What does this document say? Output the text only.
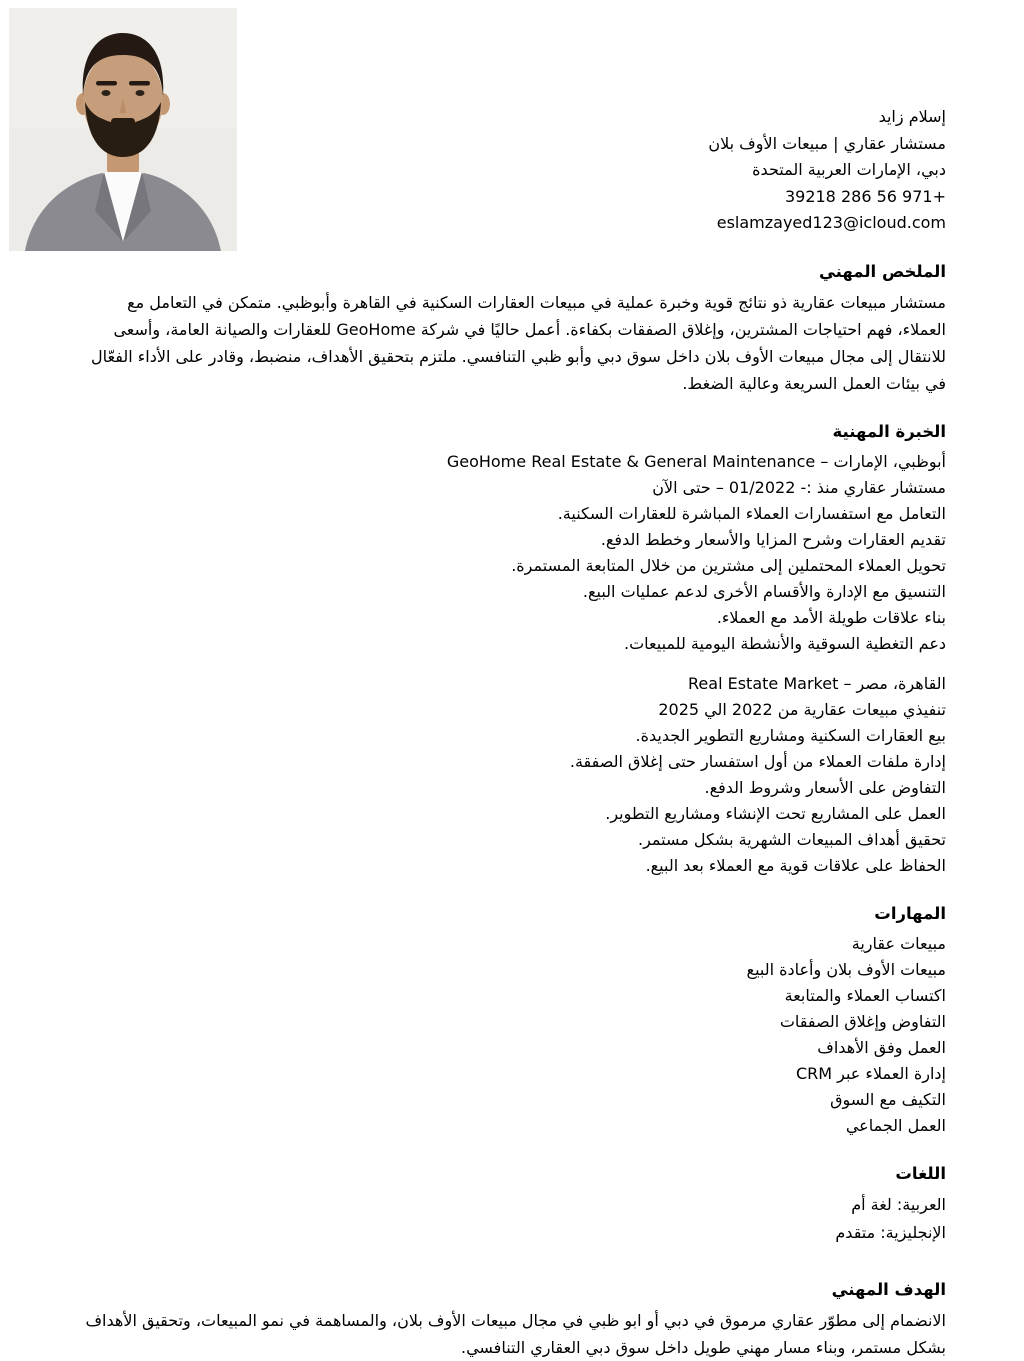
إسلام زايد
مستشار عقاري | مبيعات الأوف بلان
دبي، الإمارات العربية المتحدة
+971 56 286 39218
eslamzayed123@icloud.com
الملخص المهني

مستشار مبيعات عقارية ذو نتائج قوية وخبرة عملية في مبيعات العقارات السكنية في القاهرة وأبوظبي. متمكن في التعامل مع العملاء، فهم احتياجات المشترين، وإغلاق الصفقات بكفاءة. أعمل حاليًا في شركة GeoHome للعقارات والصيانة العامة، وأسعى للانتقال إلى مجال مبيعات الأوف بلان داخل سوق دبي وأبو ظبي التنافسي. ملتزم بتحقيق الأهداف، منضبط، وقادر على الأداء الفعّال في بيئات العمل السريعة وعالية الضغط.

الخبرة المهنية
أبوظبي، الإمارات – GeoHome Real Estate & General Maintenance
مستشار عقاري منذ :- 01/2022 – حتى الآن
التعامل مع استفسارات العملاء المباشرة للعقارات السكنية.
تقديم العقارات وشرح المزايا والأسعار وخطط الدفع.
تحويل العملاء المحتملين إلى مشترين من خلال المتابعة المستمرة.
التنسيق مع الإدارة والأقسام الأخرى لدعم عمليات البيع.
بناء علاقات طويلة الأمد مع العملاء.
دعم التغطية السوقية والأنشطة اليومية للمبيعات.
القاهرة، مصر – Real Estate Market
تنفيذي مبيعات عقارية من 2022 الي 2025
بيع العقارات السكنية ومشاريع التطوير الجديدة.
إدارة ملفات العملاء من أول استفسار حتى إغلاق الصفقة.
التفاوض على الأسعار وشروط الدفع.
العمل على المشاريع تحت الإنشاء ومشاريع التطوير.
تحقيق أهداف المبيعات الشهرية بشكل مستمر.
الحفاظ على علاقات قوية مع العملاء بعد البيع.
المهارات
مبيعات عقارية
مبيعات الأوف بلان وأعادة البيع
اكتساب العملاء والمتابعة
التفاوض وإغلاق الصفقات
العمل وفق الأهداف
إدارة العملاء عبر CRM
التكيف مع السوق
العمل الجماعي
اللغات
العربية: لغة أم
الإنجليزية: متقدم
الهدف المهني

الانضمام إلى مطوّر عقاري مرموق في دبي أو ابو ظبي في مجال مبيعات الأوف بلان، والمساهمة في نمو المبيعات، وتحقيق الأهداف بشكل مستمر، وبناء مسار مهني طويل داخل سوق دبي العقاري التنافسي.
